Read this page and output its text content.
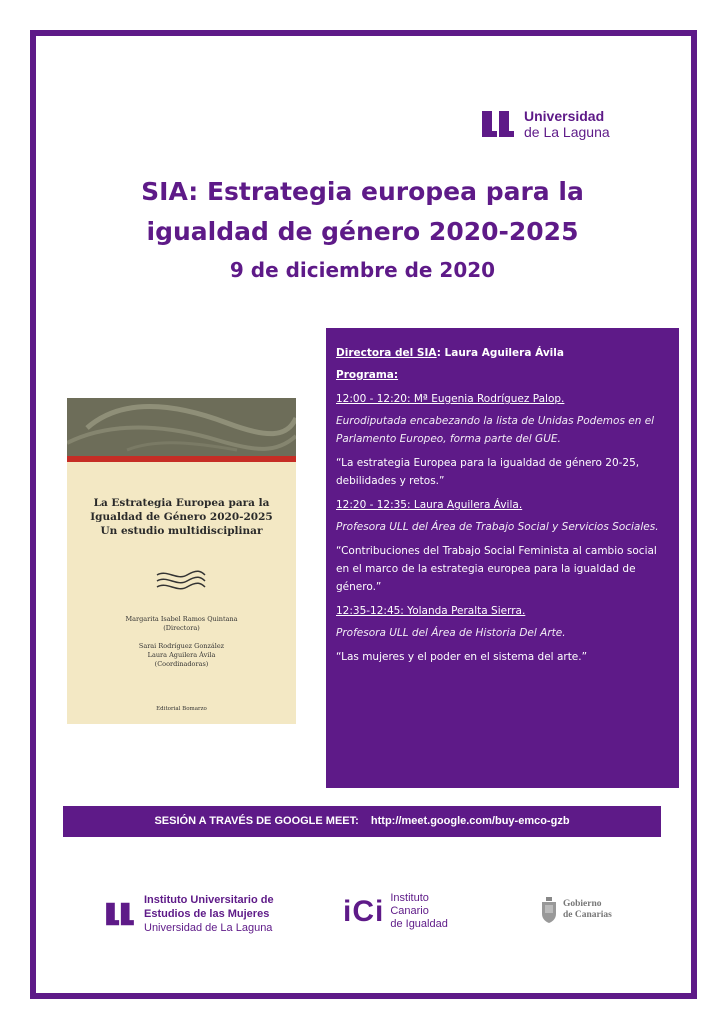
Universidad
de La Laguna
SIA: Estrategia europea para la
igualdad de género 2020-2025
9 de diciembre de 2020
La Estrategia Europea para la
Igualdad de Género 2020-2025
Un estudio multidisciplinar
Margarita Isabel Ramos Quintana
(Directora)
Sarai Rodríguez González
Laura Aguilera Ávila
(Coordinadoras)
Editorial Bomarzo
Directora del SIA: Laura Aguilera Ávila
Programa:
12:00 - 12:20: Mª Eugenia Rodríguez Palop.
Eurodiputada encabezando la lista de Unidas Podemos en el Parlamento Europeo, forma parte del GUE.
“La estrategia Europea para la igualdad de género 20-25, debilidades y retos.”
12:20 - 12:35: Laura Aguilera Ávila.
Profesora ULL del Área de Trabajo Social y Servicios Sociales.
“Contribuciones del Trabajo Social Feminista al cambio social en el marco de la estrategia europea para la igualdad de género.”
12:35-12:45: Yolanda Peralta Sierra.
Profesora ULL del Área de Historia Del Arte.
“Las mujeres y el poder en el sistema del arte.”
SESIÓN A TRAVÉS DE GOOGLE MEET: http://meet.google.com/buy-emco-gzb
Instituto Universitario de
Estudios de las Mujeres
Universidad de La Laguna
iCi Instituto
Canario
de Igualdad
Gobierno
de Canarias
